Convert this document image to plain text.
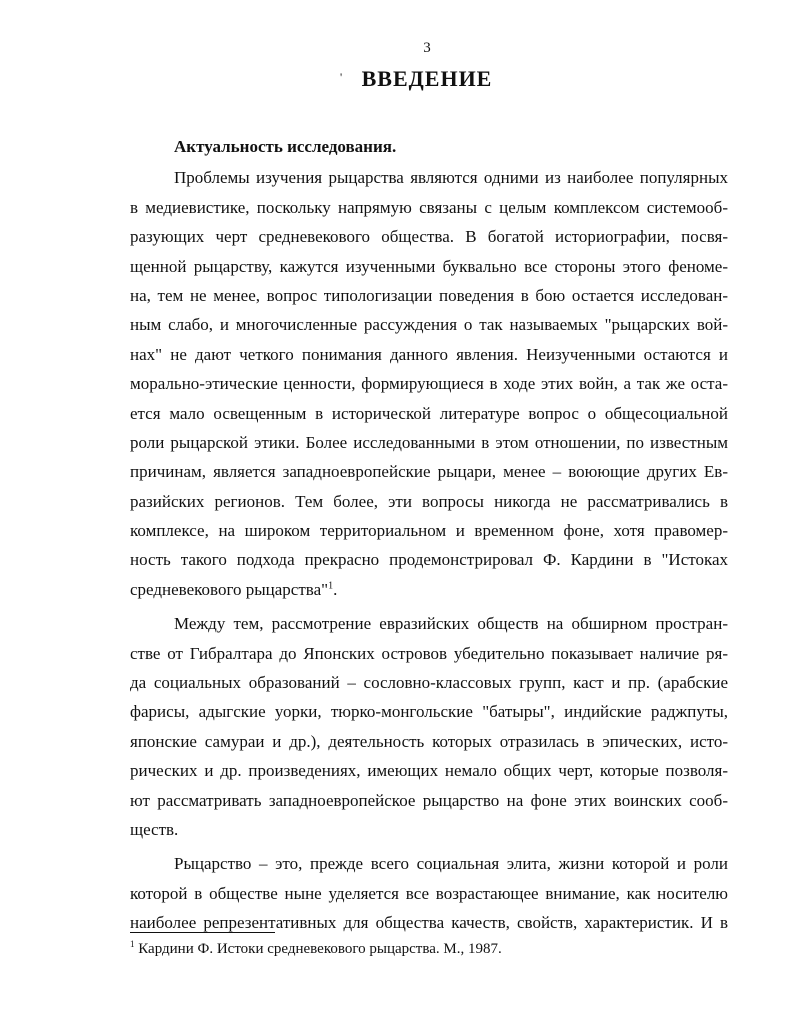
3
' ВВЕДЕНИЕ
Актуальность исследования.
Проблемы изучения рыцарства являются одними из наиболее популярных
в медиевистике, поскольку напрямую связаны с целым комплексом системооб-
разующих черт средневекового общества. В богатой историографии, посвя-
щенной рыцарству, кажутся изученными буквально все стороны этого феноме-
на, тем не менее, вопрос типологизации поведения в бою остается исследован-
ным слабо, и многочисленные рассуждения о так называемых "рыцарских вой-
нах" не дают четкого понимания данного явления. Неизученными остаются и
морально-этические ценности, формирующиеся в ходе этих войн, а так же оста-
ется мало освещенным в исторической литературе вопрос о общесоциальной
роли рыцарской этики. Более исследованными в этом отношении, по известным
причинам, является западноевропейские рыцари, менее – воюющие других Ев-
разийских регионов. Тем более, эти вопросы никогда не рассматривались в
комплексе, на широком территориальном и временном фоне, хотя правомер-
ность такого подхода прекрасно продемонстрировал Ф. Кардини в "Истоках
средневекового рыцарства"$^1$.
Между тем, рассмотрение евразийских обществ на обширном простран-
стве от Гибралтара до Японских островов убедительно показывает наличие ря-
да социальных образований – сословно-классовых групп, каст и пр. (арабские
фарисы, адыгские уорки, тюрко-монгольские "батыры", индийские раджпуты,
японские самураи и др.), деятельность которых отразилась в эпических, исто-
рических и др. произведениях, имеющих немало общих черт, которые позволя-
ют рассматривать западноевропейское рыцарство на фоне этих воинских сооб-
ществ.
Рыцарство – это, прежде всего социальная элита, жизни которой и роли
которой в обществе ныне уделяется все возрастающее внимание, как носителю
наиболее репрезентативных для общества качеств, свойств, характеристик. И в
$^1$ Кардини Ф. Истоки средневекового рыцарства. М., 1987.
